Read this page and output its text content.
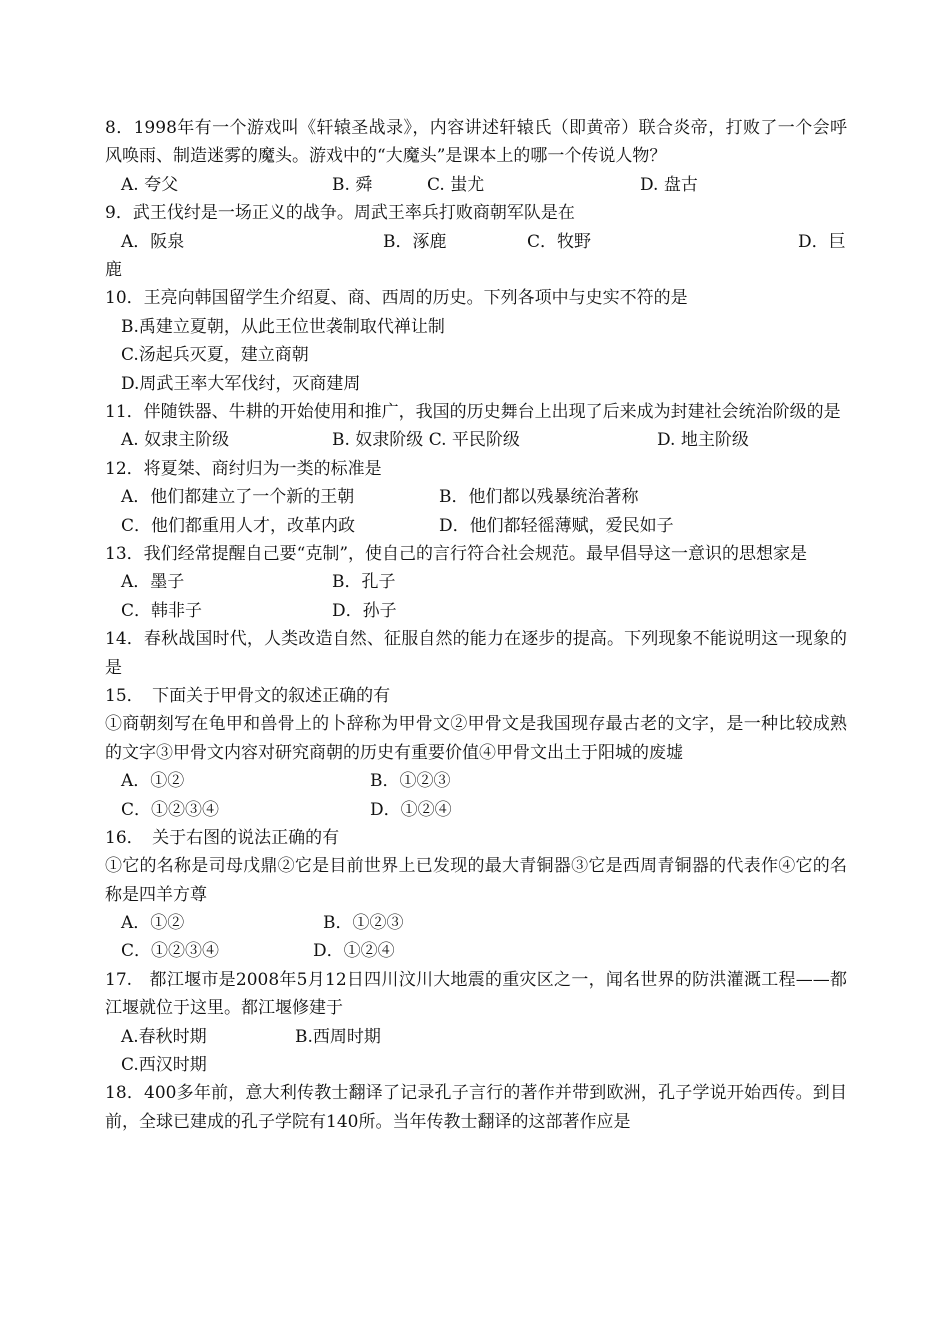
8．1998年有一个游戏叫《轩辕圣战录》，内容讲述轩辕氏（即黄帝）联合炎帝，打败了一个会呼风唤雨、制造迷雾的魔头。游戏中的“大魔头”是课本上的哪一个传说人物？
A. 夸父	B. 舜	C. 蚩尤	D. 盘古
9．武王伐纣是一场正义的战争。周武王率兵打败商朝军队是在
A．阪泉	B．涿鹿	C．牧野	D．巨
鹿
10．王亮向韩国留学生介绍夏、商、西周的历史。下列各项中与史实不符的是
B.禹建立夏朝，从此王位世袭制取代禅让制
C.汤起兵灭夏，建立商朝
D.周武王率大军伐纣，灭商建周
11．伴随铁器、牛耕的开始使用和推广，我国的历史舞台上出现了后来成为封建社会统治阶级的是
A. 奴隶主阶级	B. 奴隶阶级 C. 平民阶级	D. 地主阶级
12．将夏桀、商纣归为一类的标准是
A．他们都建立了一个新的王朝	B．他们都以残暴统治著称
C．他们都重用人才，改革内政	D．他们都轻徭薄赋，爱民如子
13．我们经常提醒自己要“克制”，使自己的言行符合社会规范。最早倡导这一意识的思想家是
A．墨子	B．孔子
C．韩非子	D．孙子
14．春秋战国时代，人类改造自然、征服自然的能力在逐步的提高。下列现象不能说明这一现象的是
15．　下面关于甲骨文的叙述正确的有
①商朝刻写在龟甲和兽骨上的卜辞称为甲骨文②甲骨文是我国现存最古老的文字，是一种比较成熟的文字③甲骨文内容对研究商朝的历史有重要价值④甲骨文出土于阳城的废墟
A．①②	B．①②③
C．①②③④	D．①②④
16．　关于右图的说法正确的有
①它的名称是司母戊鼎②它是目前世界上已发现的最大青铜器③它是西周青铜器的代表作④它的名称是四羊方尊
A．①②	B．①②③
C．①②③④	D．①②④
17.　都江堰市是2008年5月12日四川汶川大地震的重灾区之一，闻名世界的防洪灌溉工程——都江堰就位于这里。都江堰修建于
A.春秋时期	B.西周时期
C.西汉时期
18．400多年前，意大利传教士翻译了记录孔子言行的著作并带到欧洲，孔子学说开始西传。到目前，全球已建成的孔子学院有140所。当年传教士翻译的这部著作应是
